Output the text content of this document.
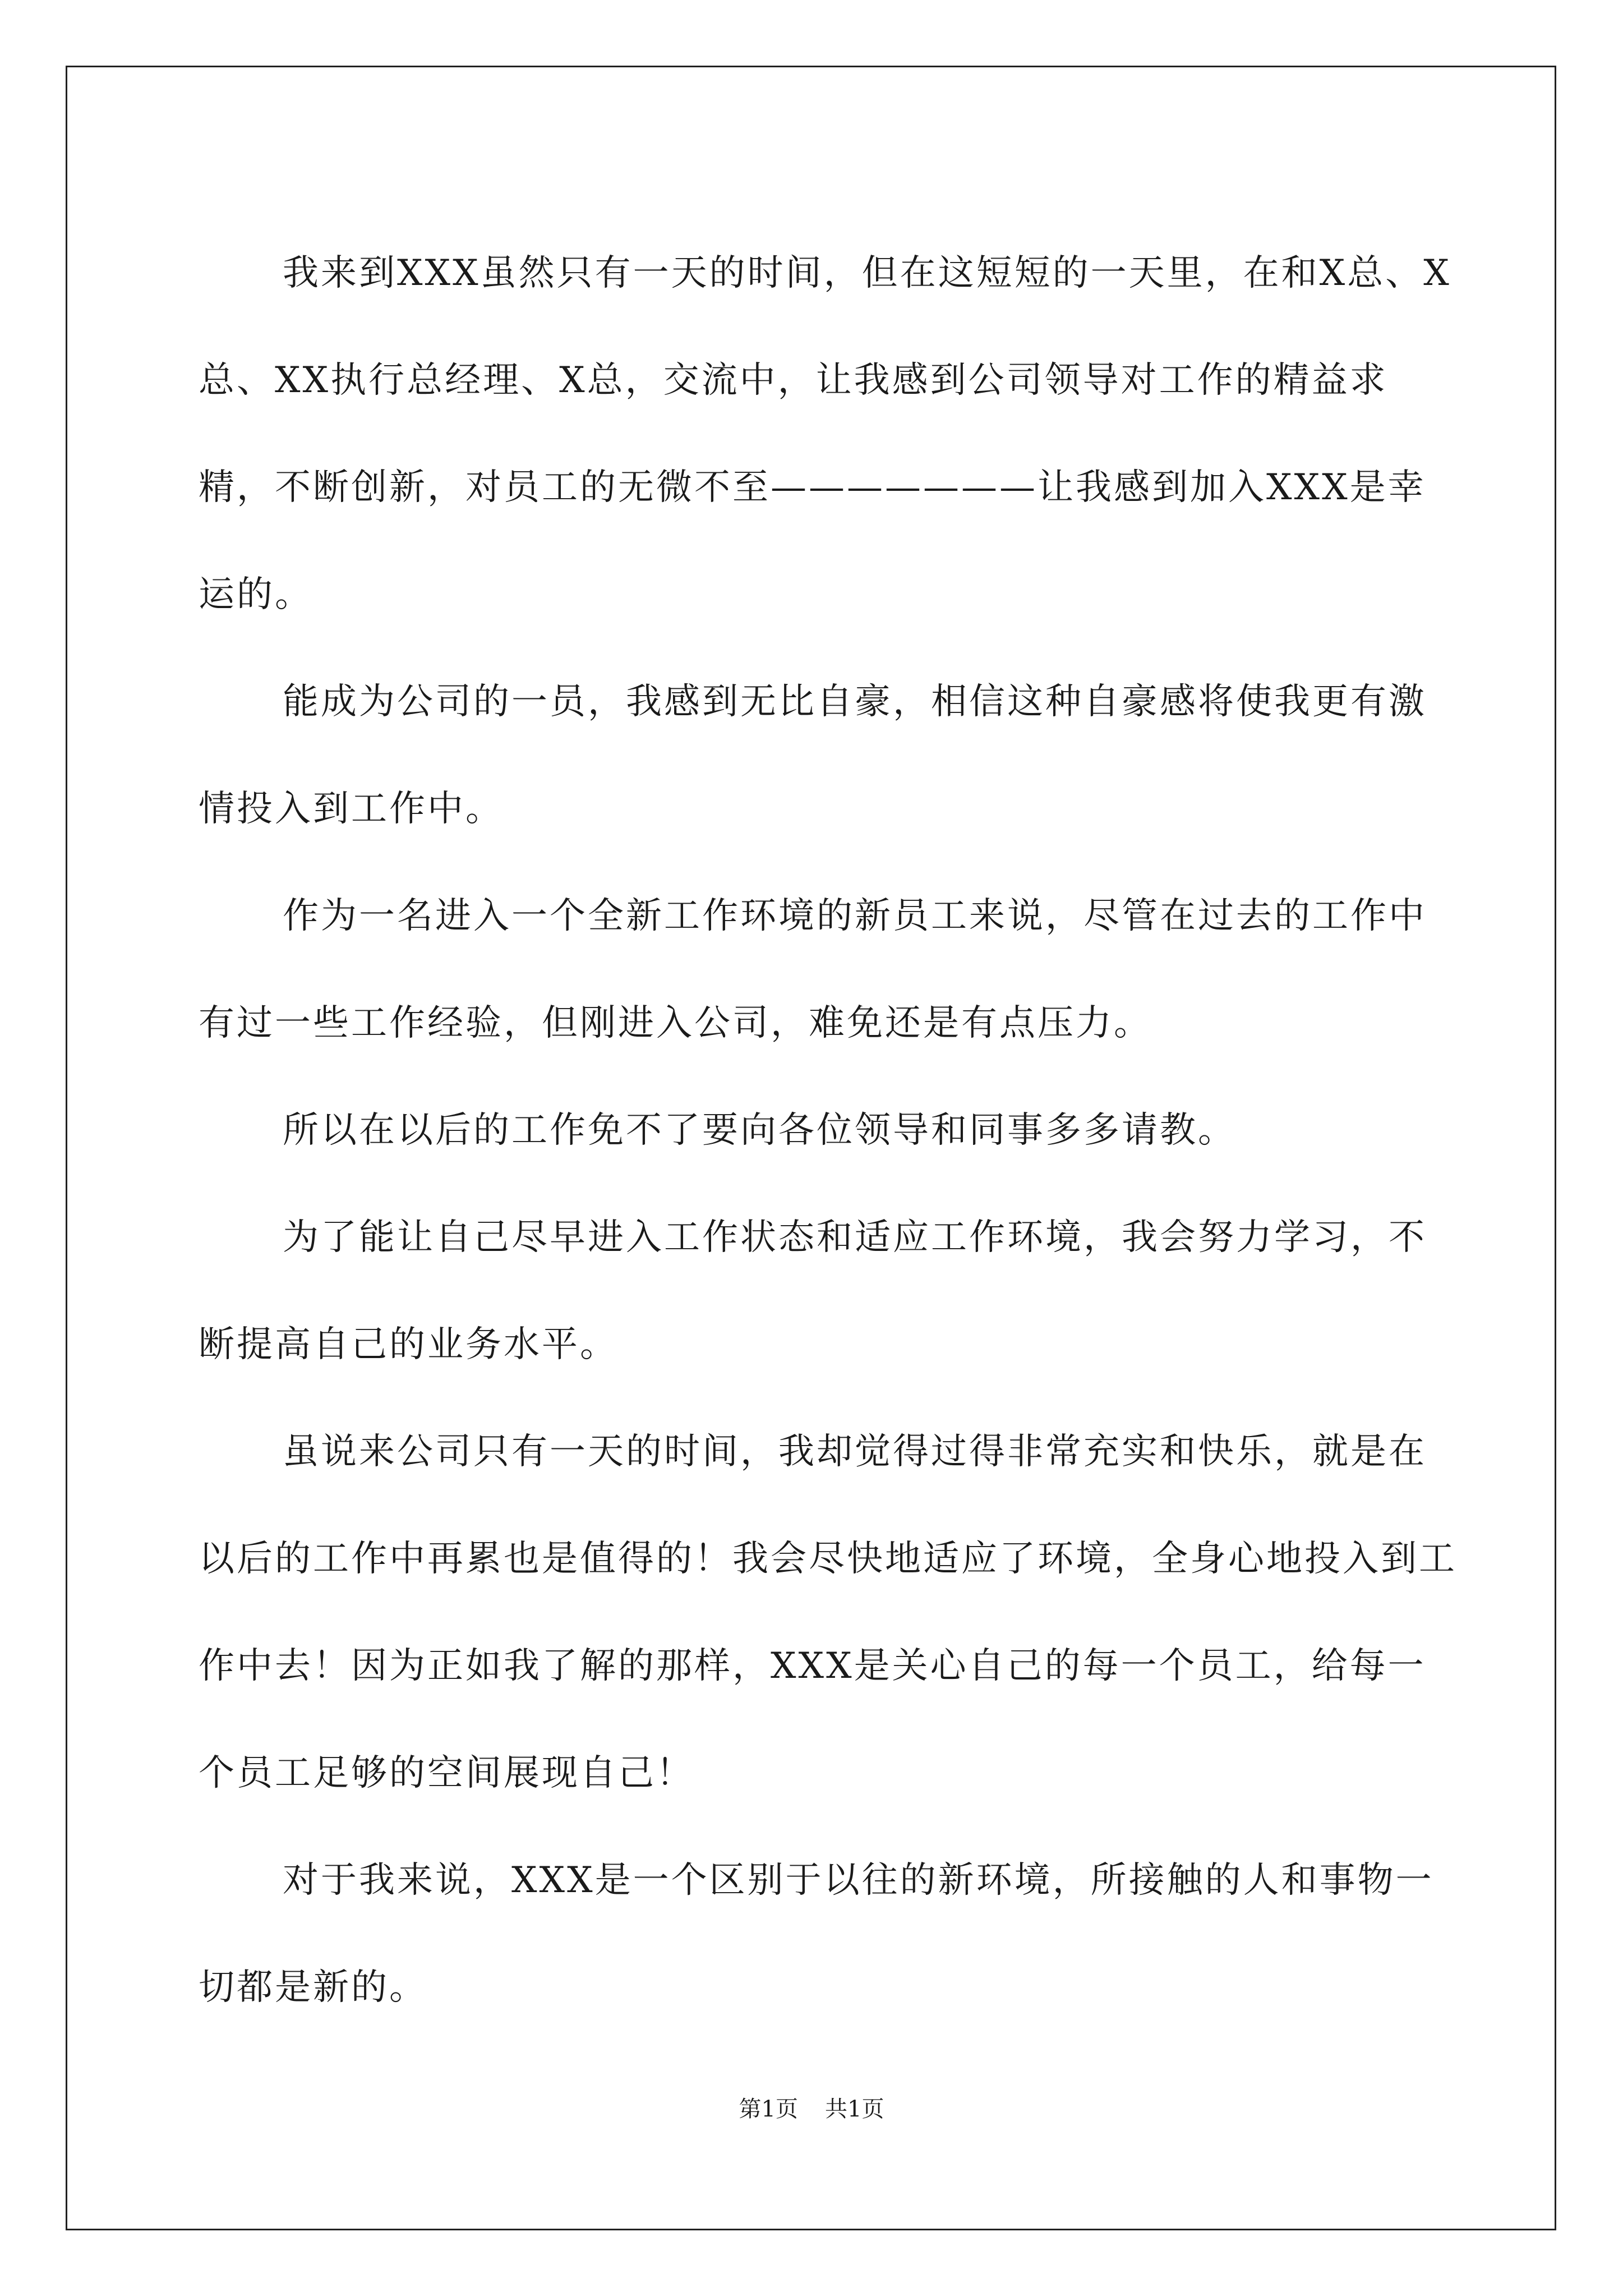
我来到XXX虽然只有一天的时间，但在这短短的一天里，在和X总、X总、XX执行总经理、X总，交流中，让我感到公司领导对工作的精益求精，不断创新，对员工的无微不至———————让我感到加入XXX是幸运的。

能成为公司的一员，我感到无比自豪，相信这种自豪感将使我更有激情投入到工作中。

作为一名进入一个全新工作环境的新员工来说，尽管在过去的工作中有过一些工作经验，但刚进入公司，难免还是有点压力。

所以在以后的工作免不了要向各位领导和同事多多请教。

为了能让自己尽早进入工作状态和适应工作环境，我会努力学习，不断提高自己的业务水平。

虽说来公司只有一天的时间，我却觉得过得非常充实和快乐，就是在以后的工作中再累也是值得的！我会尽快地适应了环境，全身心地投入到工作中去！因为正如我了解的那样，XXX是关心自己的每一个员工，给每一个员工足够的空间展现自己！

对于我来说，XXX是一个区别于以往的新环境，所接触的人和事物一切都是新的。

第1页 共1页
